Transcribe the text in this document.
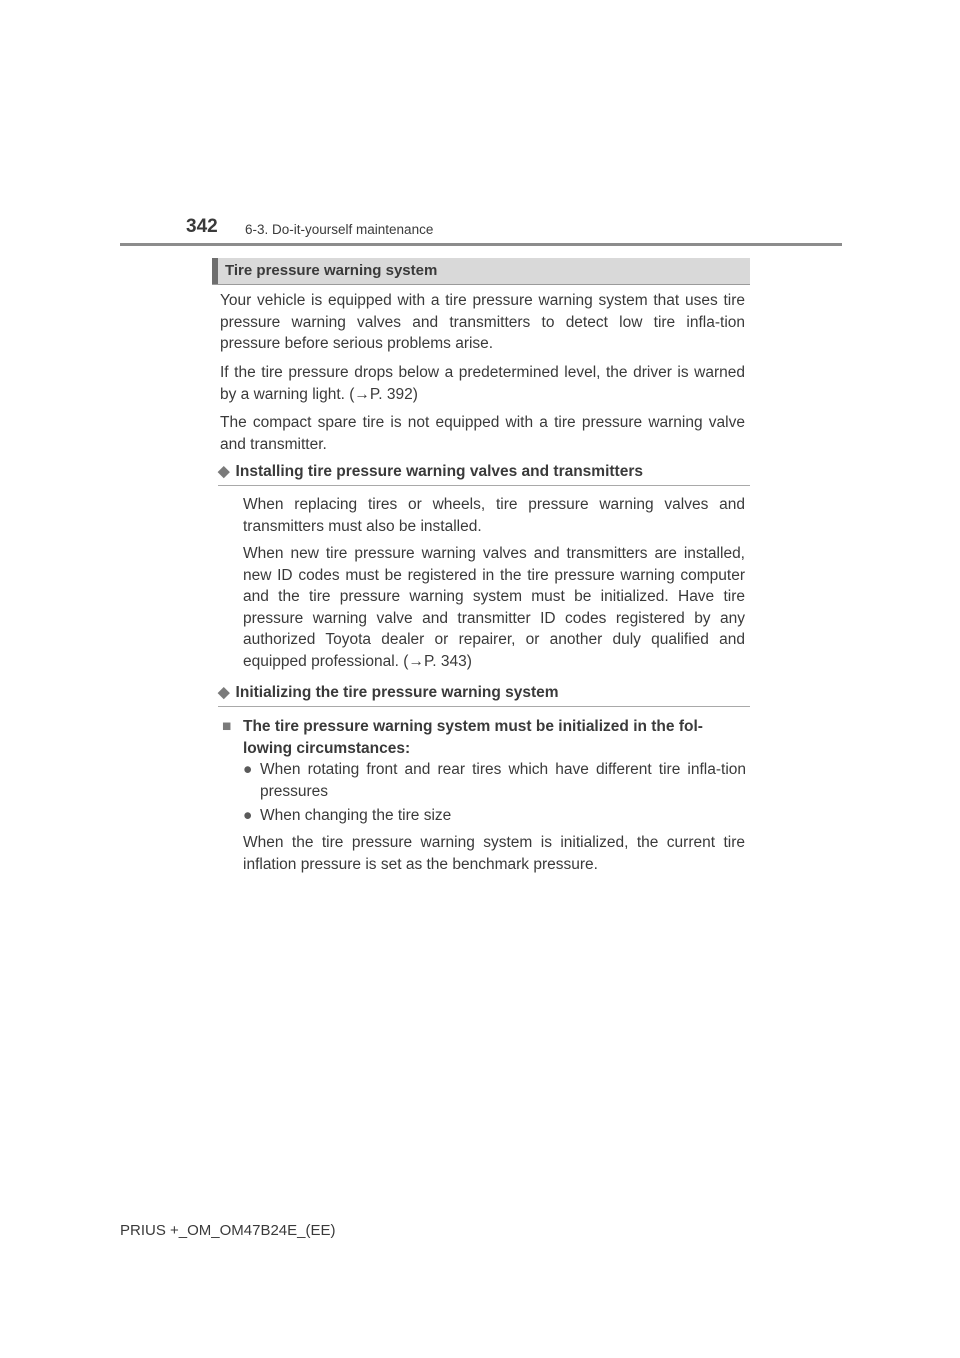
342 6-3. Do-it-yourself maintenance
Tire pressure warning system
Your vehicle is equipped with a tire pressure warning system that uses tire pressure warning valves and transmitters to detect low tire infla-tion pressure before serious problems arise.
If the tire pressure drops below a predetermined level, the driver is warned by a warning light. (→P. 392)
The compact spare tire is not equipped with a tire pressure warning valve and transmitter.
◆ Installing tire pressure warning valves and transmitters
When replacing tires or wheels, tire pressure warning valves and transmitters must also be installed.
When new tire pressure warning valves and transmitters are installed, new ID codes must be registered in the tire pressure warning computer and the tire pressure warning system must be initialized. Have tire pressure warning valve and transmitter ID codes registered by any authorized Toyota dealer or repairer, or another duly qualified and equipped professional. (→P. 343)
◆ Initializing the tire pressure warning system
■ The tire pressure warning system must be initialized in the fol-lowing circumstances:
● When rotating front and rear tires which have different tire infla-tion pressures
● When changing the tire size
When the tire pressure warning system is initialized, the current tire inflation pressure is set as the benchmark pressure.
PRIUS +_OM_OM47B24E_(EE)
